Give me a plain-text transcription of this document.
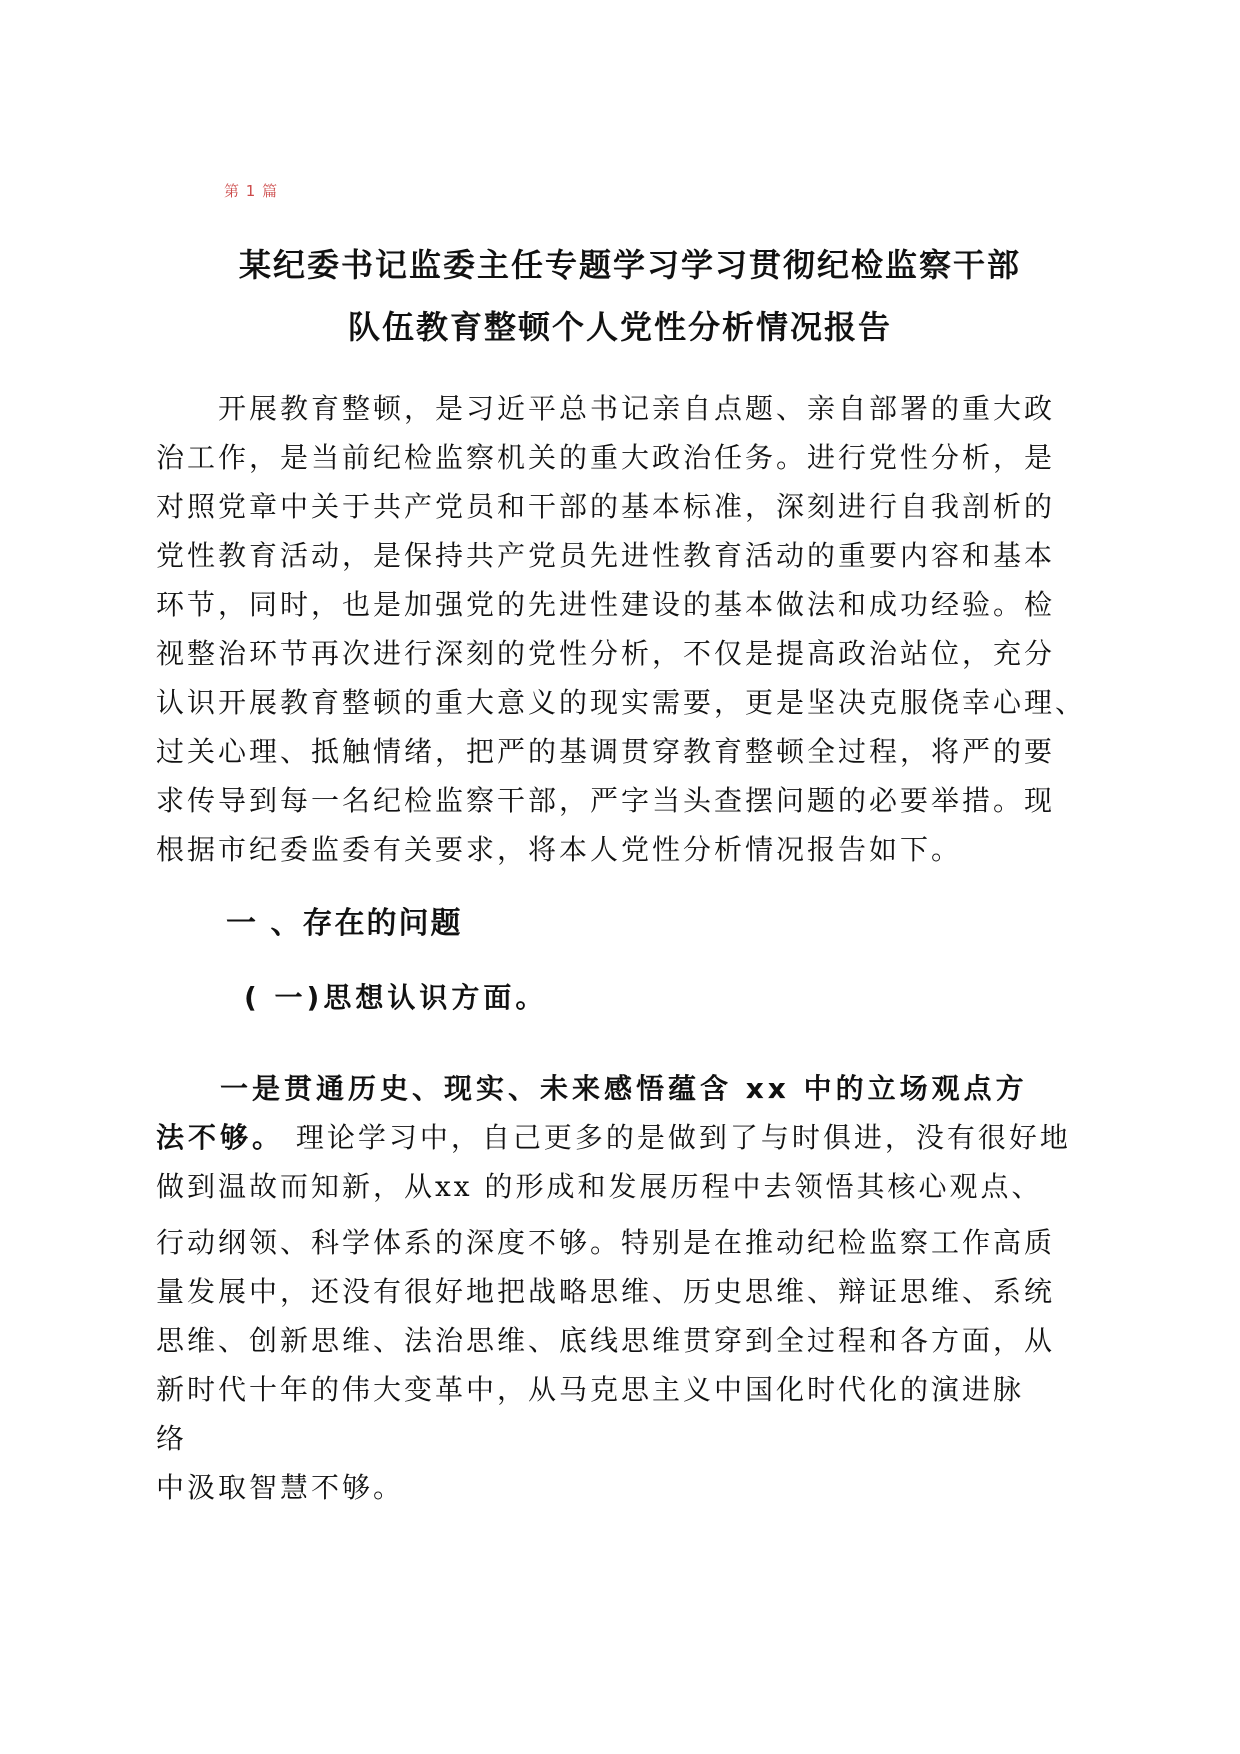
第 1 篇
某纪委书记监委主任专题学习学习贯彻纪检监察干部
队伍教育整顿个人党性分析情况报告
　　开展教育整顿，是习近平总书记亲自点题、亲自部署的重大政
治工作，是当前纪检监察机关的重大政治任务。进行党性分析，是
对照党章中关于共产党员和干部的基本标准，深刻进行自我剖析的
党性教育活动，是保持共产党员先进性教育活动的重要内容和基本
环节，同时，也是加强党的先进性建设的基本做法和成功经验。检
视整治环节再次进行深刻的党性分析，不仅是提高政治站位，充分
认识开展教育整顿的重大意义的现实需要，更是坚决克服侥幸心理、
过关心理、抵触情绪，把严的基调贯穿教育整顿全过程，将严的要
求传导到每一名纪检监察干部，严字当头查摆问题的必要举措。现
根据市纪委监委有关要求，将本人党性分析情况报告如下。
一 、存在的问题
( 一)思想认识方面。
　　一是贯通历史、现实、未来感悟蕴含 xx 中的立场观点方
法不够。 理论学习中，自己更多的是做到了与时俱进，没有很好地
做到温故而知新，从xx 的形成和发展历程中去领悟其核心观点、
行动纲领、科学体系的深度不够。特别是在推动纪检监察工作高质
量发展中，还没有很好地把战略思维、历史思维、辩证思维、系统
思维、创新思维、法治思维、底线思维贯穿到全过程和各方面，从
新时代十年的伟大变革中，从马克思主义中国化时代化的演进脉
络
中汲取智慧不够。
